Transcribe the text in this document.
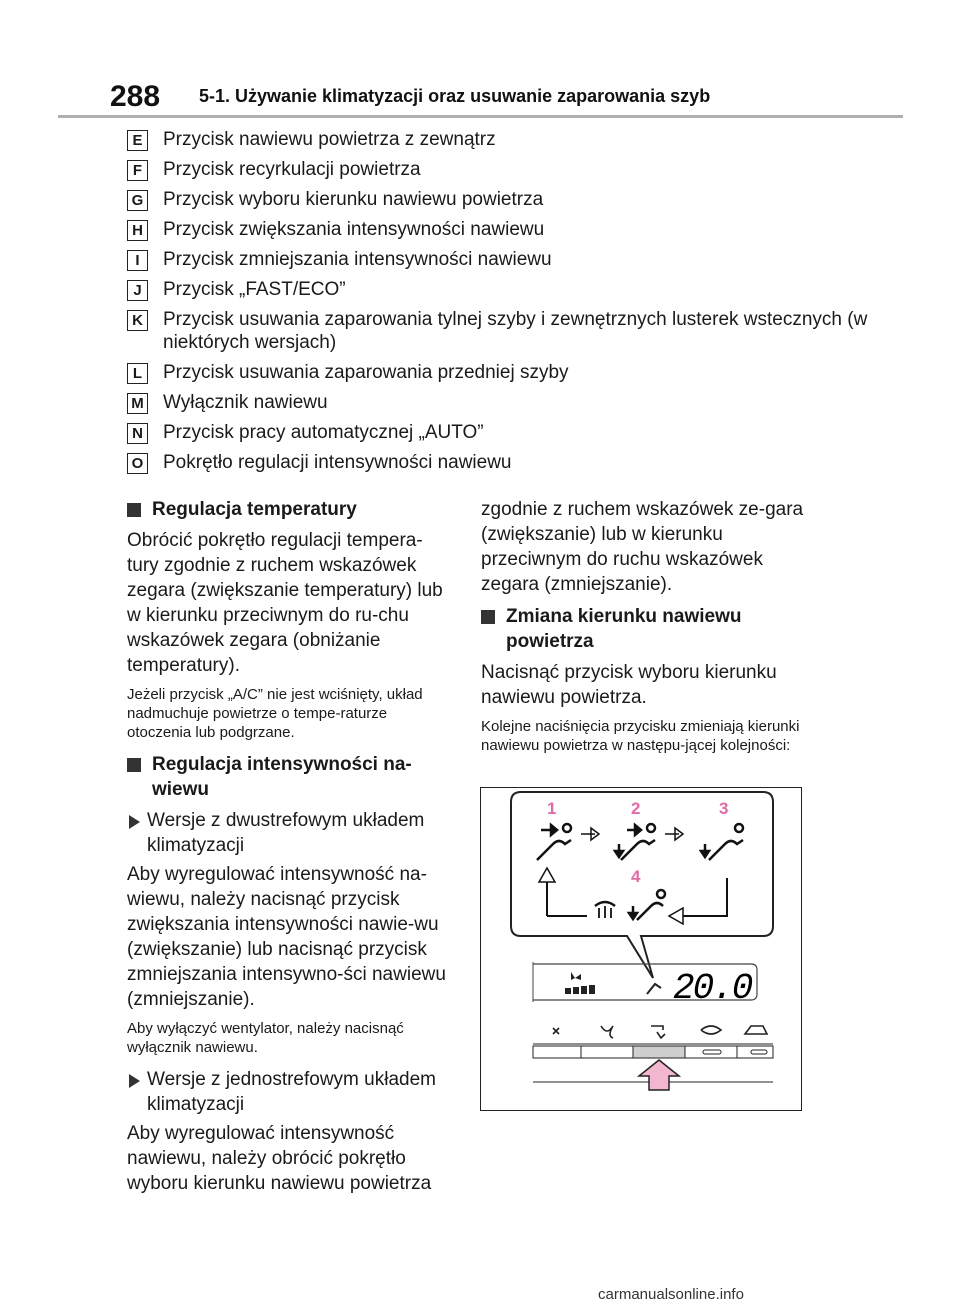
288 5-1. Używanie klimatyzacji oraz usuwanie zaparowania szyb
E Przycisk nawiewu powietrza z zewnątrz
F	Przycisk recyrkulacji powietrza
G Przycisk wyboru kierunku nawiewu powietrza
H Przycisk zwiększania intensywności nawiewu
I	Przycisk zmniejszania intensywności nawiewu
J	Przycisk „FAST/ECO”
K Przycisk usuwania zaparowania tylnej szyby i zewnętrznych lusterek wstecznych (w niektórych wersjach)
L	Przycisk usuwania zaparowania przedniej szyby
M Wyłącznik nawiewu
N Przycisk pracy automatycznej „AUTO”
O Pokrętło regulacji intensywności nawiewu
Regulacja temperatury

Obrócić pokrętło regulacji tempera-tury zgodnie z ruchem wskazówek zegara (zwiększanie temperatury) lub w kierunku przeciwnym do ru-chu wskazówek zegara (obniżanie temperatury).

Jeżeli przycisk „A/C” nie jest wciśnięty, układ nadmuchuje powietrze o tempe-raturze otoczenia lub podgrzane.

Regulacja intensywności na-wiewu
Wersje z dwustrefowym układem klimatyzacji

Aby wyregulować intensywność na-wiewu, należy nacisnąć przycisk zwiększania intensywności nawie-wu (zwiększanie) lub nacisnąć przycisk zmniejszania intensywno-ści nawiewu (zmniejszanie).

Aby wyłączyć wentylator, należy nacisnąć wyłącznik nawiewu.

Wersje z jednostrefowym układem klimatyzacji

Aby wyregulować intensywność nawiewu, należy obrócić pokrętło wyboru kierunku nawiewu powietrza

zgodnie z ruchem wskazówek ze-gara (zwiększanie) lub w kierunku przeciwnym do ruchu wskazówek zegara (zmniejszanie).

Zmiana kierunku nawiewu powietrza

Nacisnąć przycisk wyboru kierunku nawiewu powietrza.

Kolejne naciśnięcia przycisku zmieniają kierunki nawiewu powietrza w następu-jącej kolejności:

1	2	3
4
20.0
carmanualsonline.info
